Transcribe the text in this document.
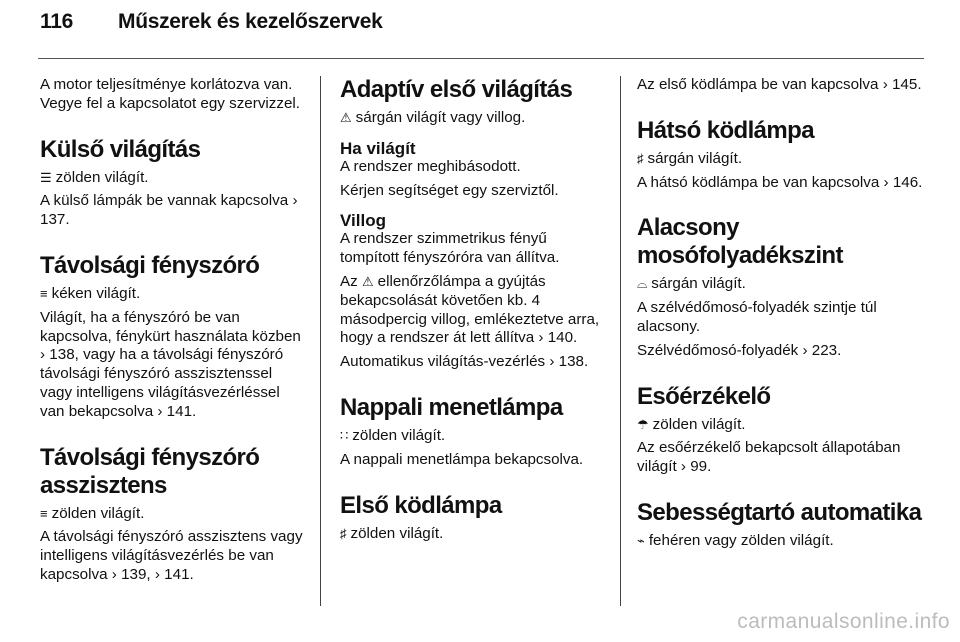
116 Műszerek és kezelőszervek

A motor teljesítménye korlátozva van. Vegye fel a kapcsolatot egy szervizzel.

Külső világítás

☰ zölden világít.

A külső lámpák be vannak kapcsolva › 137.

Távolsági fényszóró

≡ kéken világít.

Világít, ha a fényszóró be van kapcsolva, fénykürt használata közben › 138, vagy ha a távolsági fényszóró távolsági fényszóró asszisztenssel vagy intelligens világításvezérléssel van bekapcsolva › 141.

Távolsági fényszóró asszisztens

≡ zölden világít.

A távolsági fényszóró asszisztens vagy intelligens világításvezérlés be van kapcsolva › 139, › 141.

Adaptív első világítás

⚠ sárgán világít vagy villog.

Ha világít

A rendszer meghibásodott.

Kérjen segítséget egy szerviztől.

Villog

A rendszer szimmetrikus fényű tompított fényszóróra van állítva.

Az ⚠ ellenőrzőlámpa a gyújtás bekapcsolását követően kb. 4 másodpercig villog, emlékeztetve arra, hogy a rendszer át lett állítva › 140.

Automatikus világítás-vezérlés › 138.

Nappali menetlámpa

∷ zölden világít.

A nappali menetlámpa bekapcsolva.

Első ködlámpa

♯ zölden világít.

Az első ködlámpa be van kapcsolva › 145.

Hátsó ködlámpa

♯ sárgán világít.

A hátsó ködlámpa be van kapcsolva › 146.

Alacsony mosófolyadékszint

⌓ sárgán világít.

A szélvédőmosó-folyadék szintje túl alacsony.

Szélvédőmosó-folyadék › 223.

Esőérzékelő

☂ zölden világít.

Az esőérzékelő bekapcsolt állapotában világít › 99.

Sebességtartó automatika

⌁ fehéren vagy zölden világít.

carmanualsonline.info
